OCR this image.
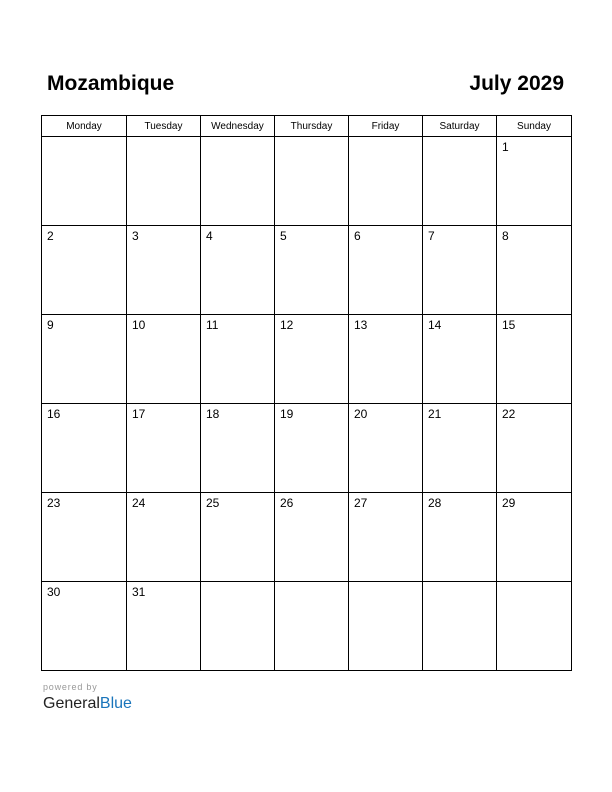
Mozambique	July 2029
Monday	Tuesday	Wednesday	Thursday	Friday	Saturday	Sunday

						1

2	3	4	5	6	7	8

9	10	11	12	13	14	15

16	17	18	19	20	21	22

23	24	25	26	27	28	29

30	31					

powered by
GeneralBlue
